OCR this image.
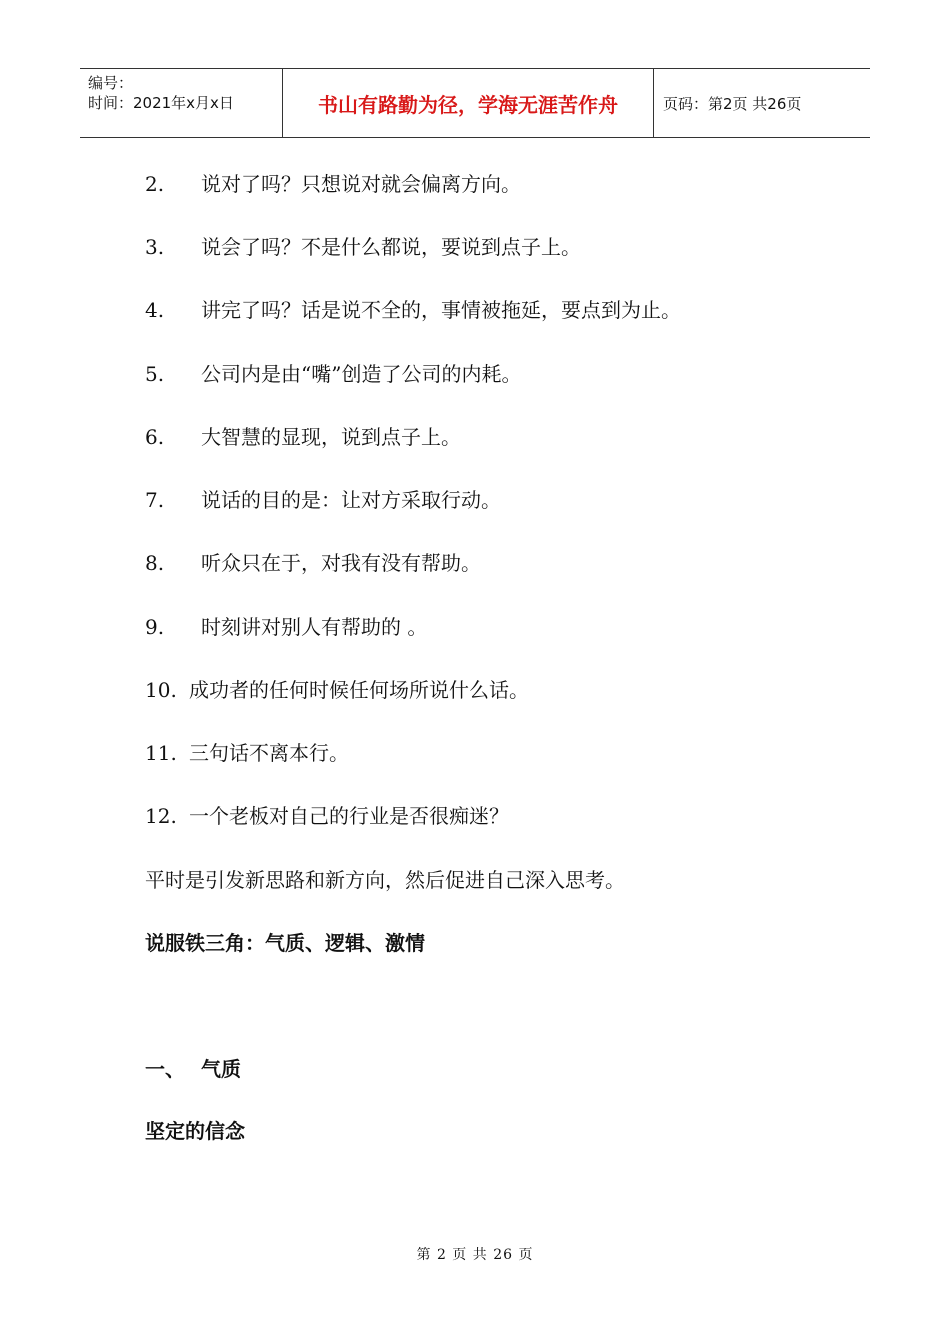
编号：
时间：2021年x月x日	书山有路勤为径，学海无涯苦作舟	页码：第2页 共26页
2. 说对了吗？只想说对就会偏离方向。
3. 说会了吗？不是什么都说，要说到点子上。
4. 讲完了吗？话是说不全的，事情被拖延，要点到为止。
5. 公司内是由“嘴”创造了公司的内耗。
6. 大智慧的显现，说到点子上。
7. 说话的目的是：让对方采取行动。
8. 听众只在于，对我有没有帮助。
9. 时刻讲对别人有帮助的 。
10. 成功者的任何时候任何场所说什么话。
11. 三句话不离本行。
12. 一个老板对自己的行业是否很痴迷？
平时是引发新思路和新方向，然后促进自己深入思考。
说服铁三角：气质、逻辑、激情
一、 气质
坚定的信念
第 2 页 共 26 页
